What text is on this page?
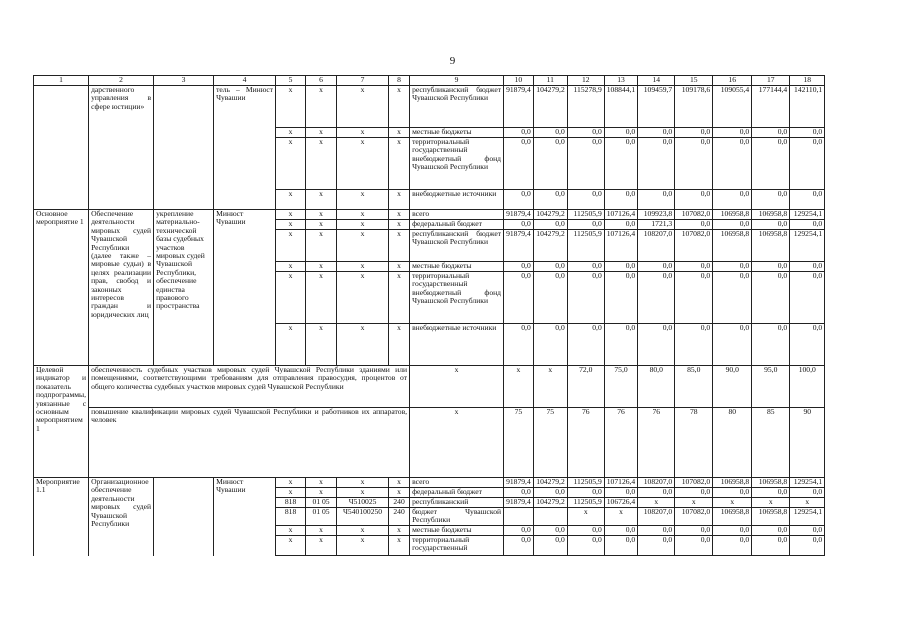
9
1	2	3	4	5	6	7	8	9	10	11	12	13	14	15	16	17	18
	дарственного управления в сфере юстиции»		тель – Минюст Чувашии	x	x	x	x	республиканский бюджет Чувашской Республики	91879,4	104279,2	115278,9	108844,1	109459,7	109178,6	109055,4	177144,4	142110,1
				x	x	x	x	местные бюджеты	0,0	0,0	0,0	0,0	0,0	0,0	0,0	0,0	0,0
				x	x	x	x	территориальный государственный внебюджетный фонд Чувашской Республики	0,0	0,0	0,0	0,0	0,0	0,0	0,0	0,0	0,0
				x	x	x	x	внебюджетные источники	0,0	0,0	0,0	0,0	0,0	0,0	0,0	0,0	0,0
Основное мероприятие 1	Обеспечение деятельности мировых судей Чувашской Республики (далее также – мировые судьи) в целях реализации прав, свобод и законных интересов граждан и юридических лиц	укрепление материально-технической базы судебных участков мировых судей Чувашской Республики, обеспечение единства правового пространства	Минюст Чувашии	x	x	x	x	всего	91879,4	104279,2	112505,9	107126,4	109923,8	107082,0	106958,8	106958,8	129254,1
				x	x	x	x	федеральный бюджет	0,0	0,0	0,0	0,0	1721,3	0,0	0,0	0,0	0,0
				x	x	x	x	республиканский бюджет Чувашской Республики	91879,4	104279,2	112505,9	107126,4	108207,0	107082,0	106958,8	106958,8	129254,1
				x	x	x	x	местные бюджеты	0,0	0,0	0,0	0,0	0,0	0,0	0,0	0,0	0,0
				x	x	x	x	территориальный государственный внебюджетный фонд Чувашской Республики	0,0	0,0	0,0	0,0	0,0	0,0	0,0	0,0	0,0
				x	x	x	x	внебюджетные источники	0,0	0,0	0,0	0,0	0,0	0,0	0,0	0,0	0,0
Целевой индикатор и показатель подпрограммы, увязанные с основным мероприятием 1	обеспеченность судебных участков мировых судей Чувашской Республики зданиями или помещениями, соответствующими требованиям для отправления правосудия, процентов от общего количества судебных участков мировых судей Чувашской Республики							x	x	x	72,0	75,0	80,0	85,0	90,0	95,0	100,0
	повышение квалификации мировых судей Чувашской Республики и работников их аппаратов, человек							x	75	75	76	76	76	78	80	85	90
Мероприятие 1.1	Организационное обеспечение деятельности мировых судей Чувашской Республики		Минюст Чувашии	x	x	x	x	всего	91879,4	104279,2	112505,9	107126,4	108207,0	107082,0	106958,8	106958,8	129254,1
				x	x	x	x	федеральный бюджет	0,0	0,0	0,0	0,0	0,0	0,0	0,0	0,0	0,0
				818	01 05	Ч510025	240	республиканский	91879,4	104279,2	112505,9	106726,4	x	x	x	x	x
				818	01 05	Ч540100250	240	бюджет Чувашской Республики			x	x	108207,0	107082,0	106958,8	106958,8	129254,1
				x	x	x	x	местные бюджеты	0,0	0,0	0,0	0,0	0,0	0,0	0,0	0,0	0,0
				x	x	x	x	территориальный государственный	0,0	0,0	0,0	0,0	0,0	0,0	0,0	0,0	0,0
